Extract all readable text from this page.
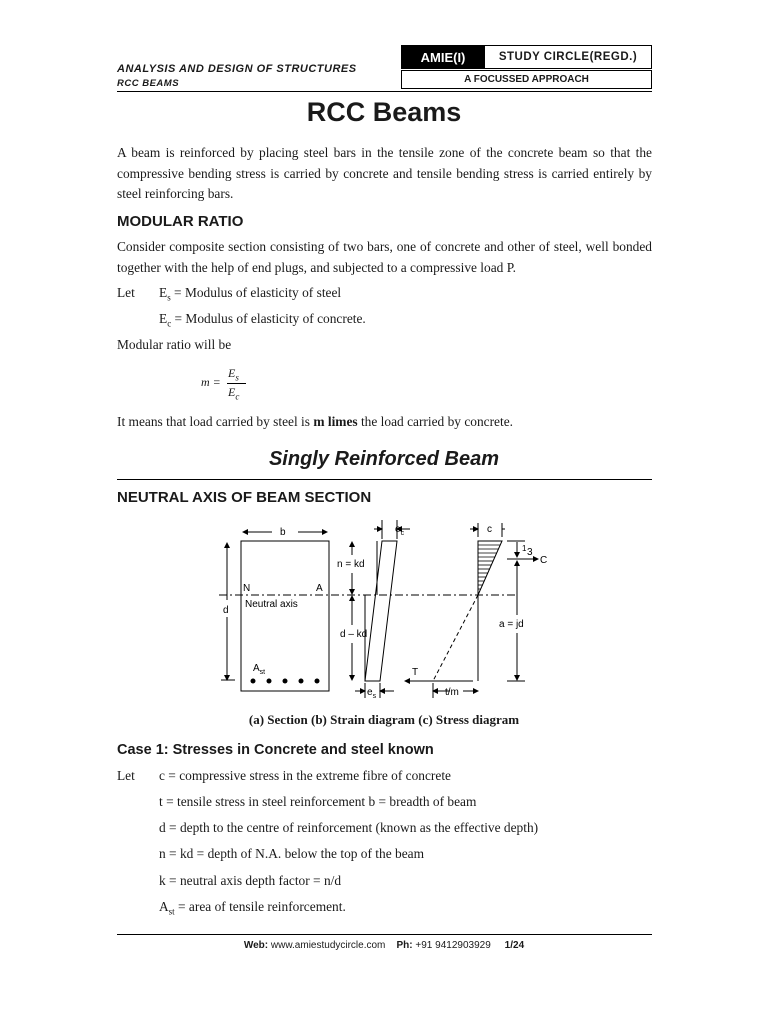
ANALYSIS AND DESIGN OF STRUCTURES
RCC BEAMS
AMIE(I)	STUDY CIRCLE(REGD.)
A FOCUSSED APPROACH
RCC Beams
A beam is reinforced by placing steel bars in the tensile zone of the concrete beam so that the compressive bending stress is carried by concrete and tensile bending stress is carried entirely by steel reinforcing bars.
MODULAR RATIO
Consider composite section consisting of two bars, one of concrete and other of steel, well bonded together with the help of end plugs, and subjected to a compressive load P.
Let $E_s$ = Modulus of elasticity of steel
$E_c$ = Modulus of elasticity of concrete.
Modular ratio will be
m =
$E_s$
$E_c$
It means that load carried by steel is m limes the load carried by concrete.
Singly Reinforced Beam
NEUTRAL AXIS OF BEAM SECTION
b	$e_c$	c
n = kd
N	A
Neutral axis
d
d – kd
$A_{st}$	T
$e_s$	t/m
1 3
C
a = jd
(a) Section (b) Strain diagram (c) Stress diagram
Case 1: Stresses in Concrete and steel known
Let c = compressive stress in the extreme fibre of concrete
t = tensile stress in steel reinforcement b = breadth of beam
d = depth to the centre of reinforcement (known as the effective depth)
n = kd = depth of N.A. below the top of the beam
k = neutral axis depth factor = n/d
$A_{st}$ = area of tensile reinforcement.
Web: www.amiestudycircle.com Ph: +91 9412903929 1/24
